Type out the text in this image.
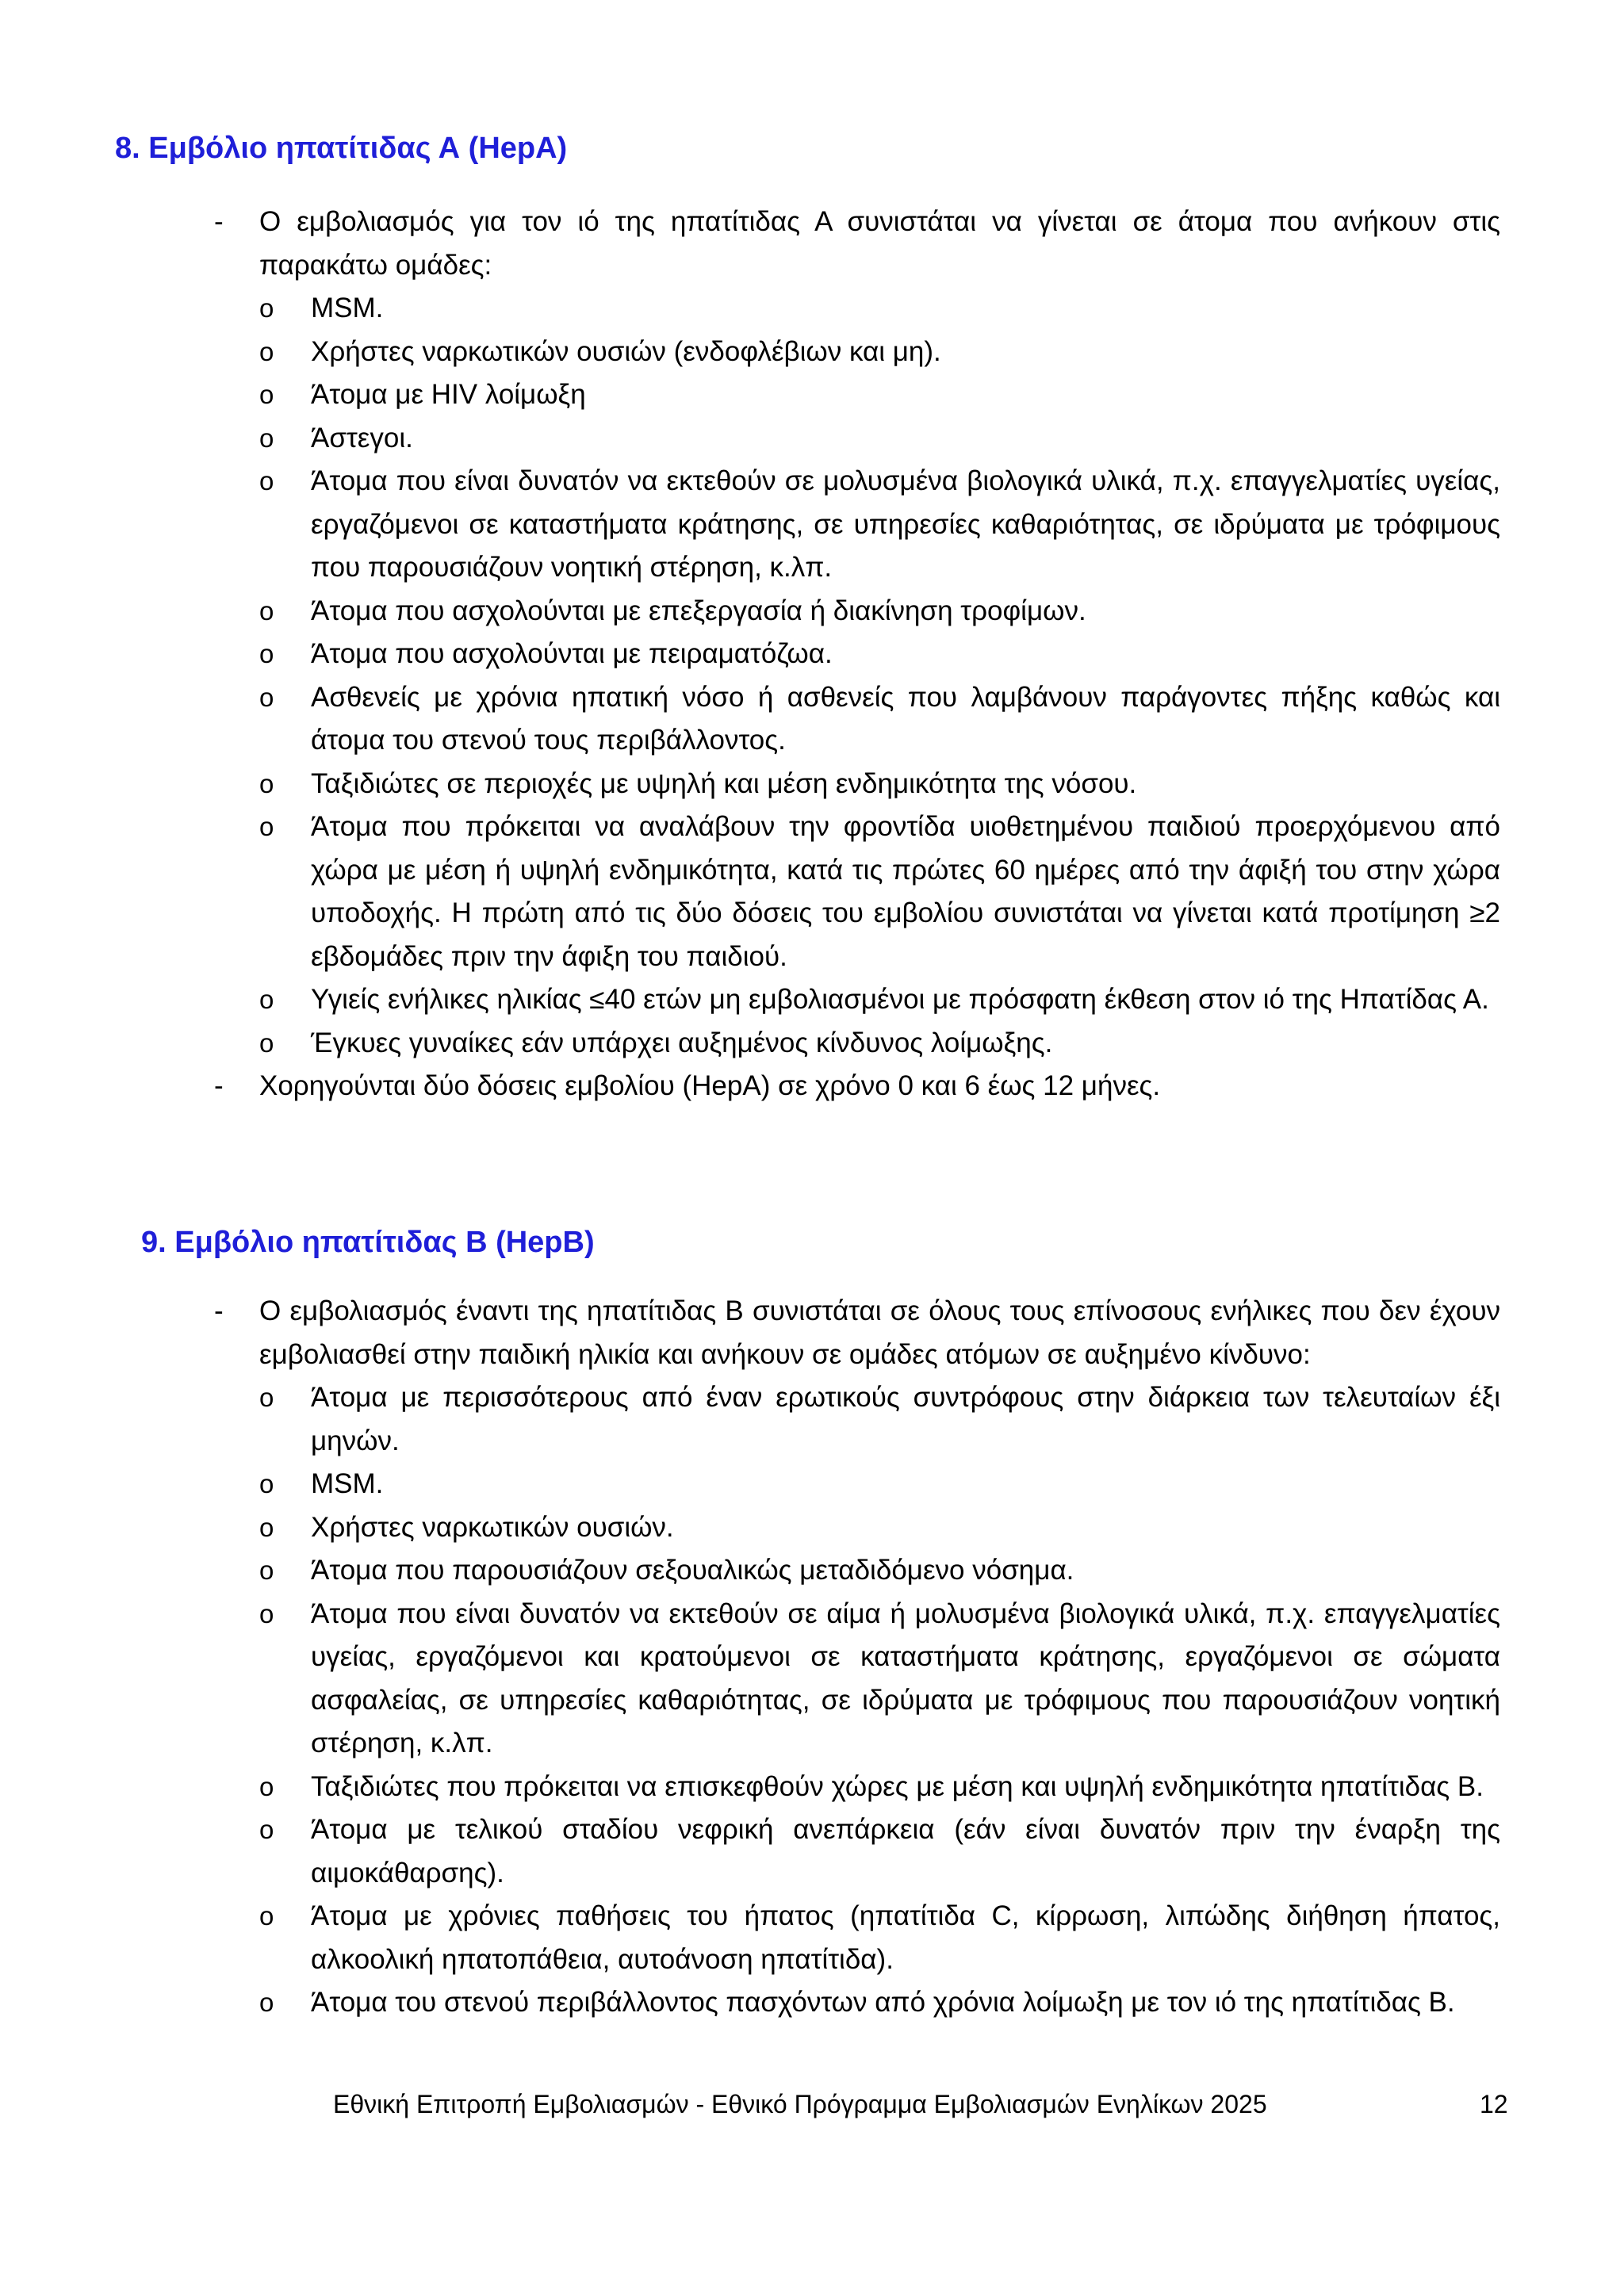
8. Εμβόλιο ηπατίτιδας Α (HepA)
- Ο εμβολιασμός για τον ιό της ηπατίτιδας Α συνιστάται να γίνεται σε άτομα που ανήκουν στις παρακάτω ομάδες:

o MSM.
o Χρήστες ναρκωτικών ουσιών (ενδοφλέβιων και μη).
o Άτομα με HIV λοίμωξη
o Άστεγοι.
o Άτομα που είναι δυνατόν να εκτεθούν σε μολυσμένα βιολογικά υλικά, π.χ. επαγγελματίες υγείας, εργαζόμενοι σε καταστήματα κράτησης, σε υπηρεσίες καθαριότητας, σε ιδρύματα με τρόφιμους που παρουσιάζουν νοητική στέρηση, κ.λπ.
o Άτομα που ασχολούνται με επεξεργασία ή διακίνηση τροφίμων.
o Άτομα που ασχολούνται με πειραματόζωα.
o Ασθενείς με χρόνια ηπατική νόσο ή ασθενείς που λαμβάνουν παράγοντες πήξης καθώς και άτομα του στενού τους περιβάλλοντος.
o Ταξιδιώτες σε περιοχές με υψηλή και μέση ενδημικότητα της νόσου.
o Άτομα που πρόκειται να αναλάβουν την φροντίδα υιοθετημένου παιδιού προερχόμενου από χώρα με μέση ή υψηλή ενδημικότητα, κατά τις πρώτες 60 ημέρες από την άφιξή του στην χώρα υποδοχής. Η πρώτη από τις δύο δόσεις του εμβολίου συνιστάται να γίνεται κατά προτίμηση ≥2 εβδομάδες πριν την άφιξη του παιδιού.
o Υγιείς ενήλικες ηλικίας ≤40 ετών μη εμβολιασμένοι με πρόσφατη έκθεση στον ιό της Ηπατίδας Α.
o Έγκυες γυναίκες εάν υπάρχει αυξημένος κίνδυνος λοίμωξης.
- Χορηγούνται δύο δόσεις εμβολίου (HepA) σε χρόνο 0 και 6 έως 12 μήνες.

9. Εμβόλιο ηπατίτιδας Β (HepB)
- Ο εμβολιασμός έναντι της ηπατίτιδας Β συνιστάται σε όλους τους επίνοσους ενήλικες που δεν έχουν εμβολιασθεί στην παιδική ηλικία και ανήκουν σε ομάδες ατόμων σε αυξημένο κίνδυνο:

o Άτομα με περισσότερους από έναν ερωτικούς συντρόφους στην διάρκεια των τελευταίων έξι μηνών.
o MSM.
o Χρήστες ναρκωτικών ουσιών.
o Άτομα που παρουσιάζουν σεξουαλικώς μεταδιδόμενο νόσημα.
o Άτομα που είναι δυνατόν να εκτεθούν σε αίμα ή μολυσμένα βιολογικά υλικά, π.χ. επαγγελματίες υγείας, εργαζόμενοι και κρατούμενοι σε καταστήματα κράτησης, εργαζόμενοι σε σώματα ασφαλείας, σε υπηρεσίες καθαριότητας, σε ιδρύματα με τρόφιμους που παρουσιάζουν νοητική στέρηση, κ.λπ.
o Ταξιδιώτες που πρόκειται να επισκεφθούν χώρες με μέση και υψηλή ενδημικότητα ηπατίτιδας Β.
o Άτομα με τελικού σταδίου νεφρική ανεπάρκεια (εάν είναι δυνατόν πριν την έναρξη της αιμοκάθαρσης).
o Άτομα με χρόνιες παθήσεις του ήπατος (ηπατίτιδα C, κίρρωση, λιπώδης διήθηση ήπατος, αλκοολική ηπατοπάθεια, αυτοάνοση ηπατίτιδα).
o Άτομα του στενού περιβάλλοντος πασχόντων από χρόνια λοίμωξη με τον ιό της ηπατίτιδας Β.

Εθνική Επιτροπή Εμβολιασμών - Εθνικό Πρόγραμμα Εμβολιασμών Ενηλίκων 2025	12
